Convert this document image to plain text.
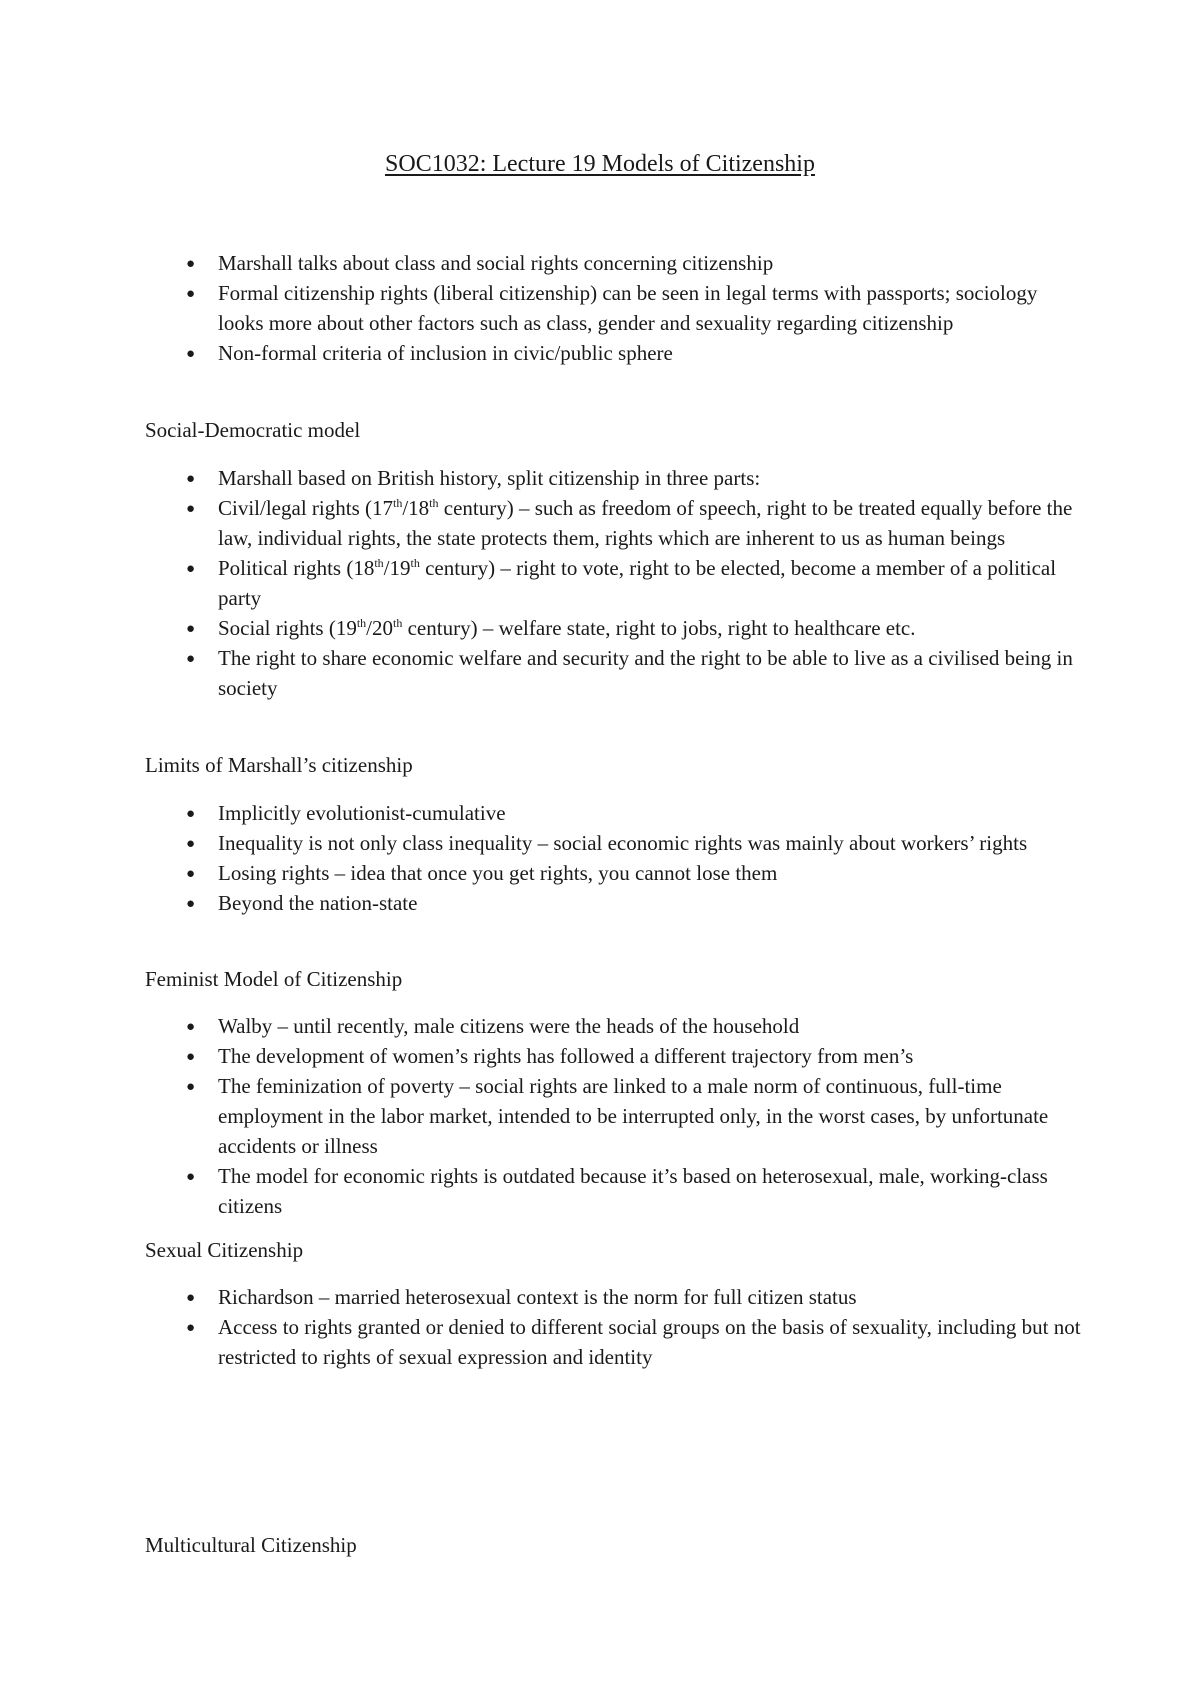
SOC1032: Lecture 19 Models of Citizenship
● Marshall talks about class and social rights concerning citizenship
● Formal citizenship rights (liberal citizenship) can be seen in legal terms with passports; sociology looks more about other factors such as class, gender and sexuality regarding citizenship
● Non-formal criteria of inclusion in civic/public sphere

Social-Democratic model

● Marshall based on British history, split citizenship in three parts:
● Civil/legal rights (17th/18th century) – such as freedom of speech, right to be treated equally before the law, individual rights, the state protects them, rights which are inherent to us as human beings
● Political rights (18th/19th century) – right to vote, right to be elected, become a member of a political party
● Social rights (19th/20th century) – welfare state, right to jobs, right to healthcare etc.
● The right to share economic welfare and security and the right to be able to live as a civilised being in society

Limits of Marshall’s citizenship

● Implicitly evolutionist-cumulative
● Inequality is not only class inequality – social economic rights was mainly about workers’ rights
● Losing rights – idea that once you get rights, you cannot lose them
● Beyond the nation-state

Feminist Model of Citizenship

● Walby – until recently, male citizens were the heads of the household
● The development of women’s rights has followed a different trajectory from men’s
● The feminization of poverty – social rights are linked to a male norm of continuous, full-time employment in the labor market, intended to be interrupted only, in the worst cases, by unfortunate accidents or illness
● The model for economic rights is outdated because it’s based on heterosexual, male, working-class citizens

Sexual Citizenship

● Richardson – married heterosexual context is the norm for full citizen status
● Access to rights granted or denied to different social groups on the basis of sexuality, including but not restricted to rights of sexual expression and identity

Multicultural Citizenship
